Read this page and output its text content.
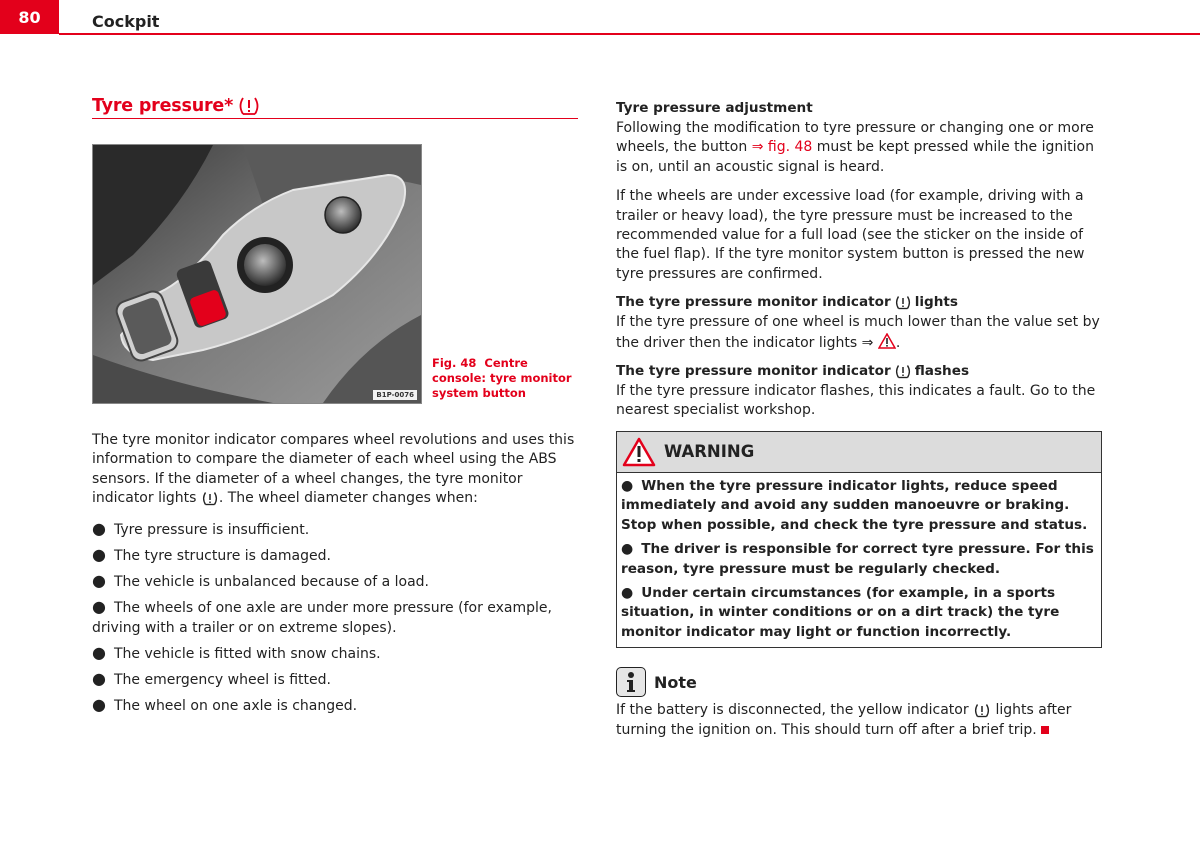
80	Cockpit
Tyre pressure*
B1P-0076
Fig. 48 Centre console: tyre monitor system button

The tyre monitor indicator compares wheel revolutions and uses this information to compare the diameter of each wheel using the ABS sensors. If the diameter of a wheel changes, the tyre monitor indicator lights . The wheel diameter changes when:

● Tyre pressure is insufficient.
● The tyre structure is damaged.
● The vehicle is unbalanced because of a load.
● The wheels of one axle are under more pressure (for example, driving with a trailer or on extreme slopes).
● The vehicle is fitted with snow chains.
● The emergency wheel is fitted.
● The wheel on one axle is changed.
Tyre pressure adjustment

Following the modification to tyre pressure or changing one or more wheels, the button ⇒ fig. 48 must be kept pressed while the ignition is on, until an acoustic signal is heard.

If the wheels are under excessive load (for example, driving with a trailer or heavy load), the tyre pressure must be increased to the recommended value for a full load (see the sticker on the inside of the fuel flap). If the tyre monitor system button is pressed the new tyre pressures are confirmed.

The tyre pressure monitor indicator lights

If the tyre pressure of one wheel is much lower than the value set by the driver then the indicator lights ⇒ .

The tyre pressure monitor indicator flashes

If the tyre pressure indicator flashes, this indicates a fault. Go to the nearest specialist workshop.

WARNING

● When the tyre pressure indicator lights, reduce speed immediately and avoid any sudden manoeuvre or braking. Stop when possible, and check the tyre pressure and status.

● The driver is responsible for correct tyre pressure. For this reason, tyre pressure must be regularly checked.

● Under certain circumstances (for example, in a sports situation, in winter conditions or on a dirt track) the tyre monitor indicator may light or function incorrectly.

Note

If the battery is disconnected, the yellow indicator lights after turning the ignition on. This should turn off after a brief trip.
